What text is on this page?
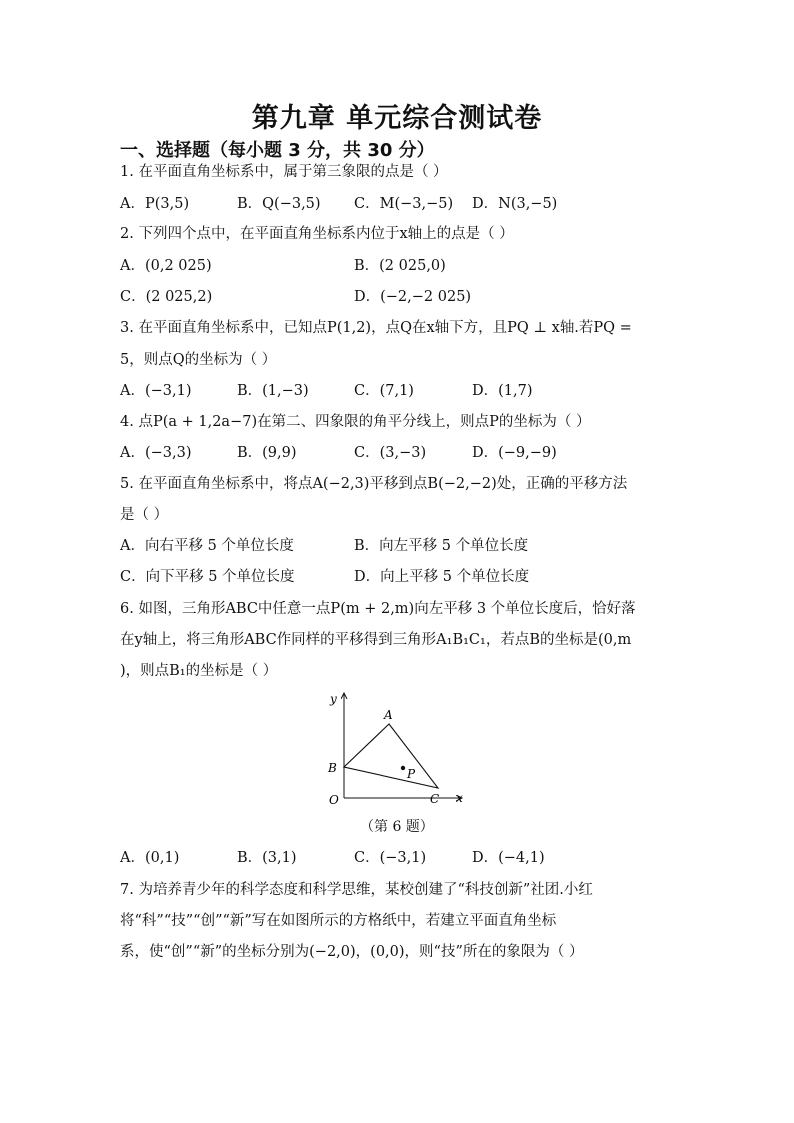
第九章 单元综合测试卷
一、选择题（每小题 3 分，共 30 分）
1. 在平面直角坐标系中，属于第三象限的点是（ ）
A．P(3,5)	B．Q(−3,5) C．M(−3,−5) D．N(3,−5)
2. 下列四个点中，在平面直角坐标系内位于x轴上的点是（ ）
A．(0,2 025)	B．(2 025,0)
C．(2 025,2)	D．(−2,−2 025)
3. 在平面直角坐标系中，已知点P(1,2)，点Q在x轴下方，且PQ ⊥ x轴.若PQ =
5，则点Q的坐标为（ ）
A．(−3,1)	B．(1,−3)	C．(7,1)	D．(1,7)
4. 点P(a + 1,2a−7)在第二、四象限的角平分线上，则点P的坐标为（ ）
A．(−3,3)	B．(9,9)	C．(3,−3)	D．(−9,−9)
5. 在平面直角坐标系中，将点A(−2,3)平移到点B(−2,−2)处，正确的平移方法
是（ ）
A．向右平移 5 个单位长度	B．向左平移 5 个单位长度
C．向下平移 5 个单位长度	D．向上平移 5 个单位长度
6. 如图，三角形ABC中任意一点P(m + 2,m)向左平移 3 个单位长度后，恰好落
在y轴上，将三角形ABC作同样的平移得到三角形A₁B₁C₁，若点B的坐标是(0,m
)，则点B₁的坐标是（ ）
y
x
O
A
B
C
P
（第 6 题）
A．(0,1)	B．(3,1)	C．(−3,1)	D．(−4,1)
7. 为培养青少年的科学态度和科学思维，某校创建了“科技创新”社团.小红
将“科”“技”“创”“新”写在如图所示的方格纸中，若建立平面直角坐标
系，使“创”“新”的坐标分别为(−2,0)，(0,0)，则“技”所在的象限为（ ）
